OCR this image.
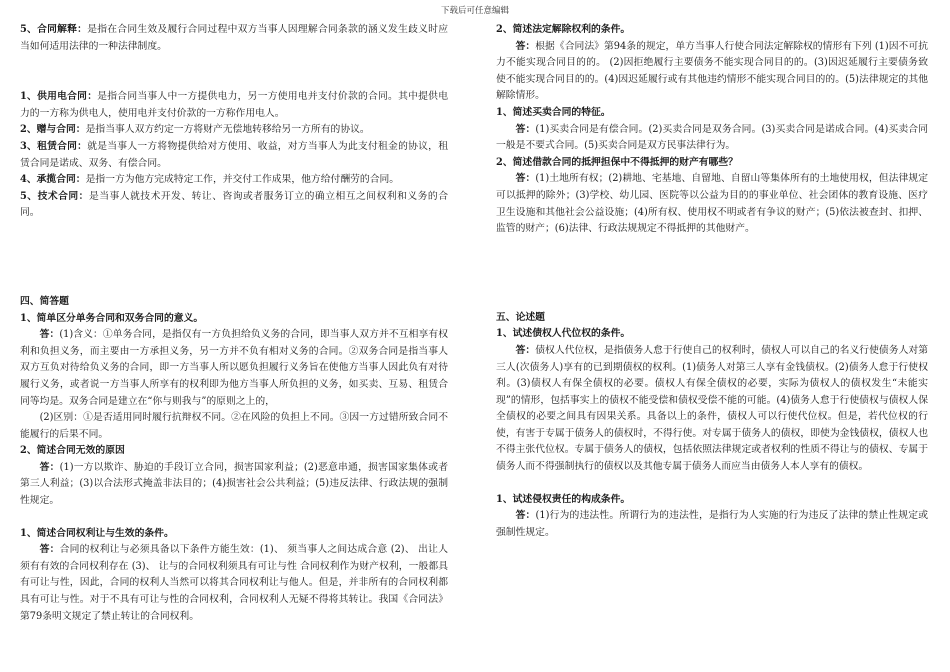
下载后可任意编辑

5、合同解释：是指在合同生效及履行合同过程中双方当事人因理解合同条款的涵义发生歧义时应当如何适用法律的一种法律制度。

1、供用电合同：是指合同当事人中一方提供电力，另一方使用电并支付价款的合同。其中提供电力的一方称为供电人，使用电并支付价款的一方称作用电人。

2、赠与合同：是指当事人双方约定一方将财产无偿地转移给另一方所有的协议。

3、租赁合同：就是当事人一方将物提供给对方使用、收益，对方当事人为此支付租金的协议，租赁合同是诺成、双务、有偿合同。

4、承揽合同：是指一方为他方完成特定工作，并交付工作成果，他方给付酬劳的合同。

5、技术合同：是当事人就技术开发、转让、咨询或者服务订立的确立相互之间权利和义务的合同。

四、简答题

1、简单区分单务合同和双务合同的意义。

答：(1)含义：①单务合同，是指仅有一方负担给负义务的合同，即当事人双方并不互相享有权利和负担义务，而主要由一方承担义务，另一方并不负有相对义务的合同。②双务合同是指当事人双方互负对待给负义务的合同，即一方当事人所以愿负担履行义务旨在使他方当事人因此负有对待履行义务，或者说一方当事人所享有的权利即为他方当事人所负担的义务，如买卖、互易、租赁合同等均是。双务合同是建立在“你与则我与”的原则之上的，

(2)区别：①是否适用同时履行抗辩权不同。②在风险的负担上不同。③因一方过错所致合同不能履行的后果不同。

2、简述合同无效的原因

答：(1)一方以欺诈、胁迫的手段订立合同，损害国家利益；(2)恶意串通，损害国家集体或者第三人利益；(3)以合法形式掩盖非法目的；(4)损害社会公共利益；(5)违反法律、行政法规的强制性规定。

1、简述合同权利让与生效的条件。

答：合同的权利让与必须具备以下条件方能生效：(1)、 须当事人之间达成合意 (2)、 出让人须有有效的合同权利存在 (3)、 让与的合同权利须具有可让与性 合同权利作为财产权利，一般都具有可让与性，因此，合同的权利人当然可以将其合同权利让与他人。但是，并非所有的合同权利都具有可让与性。对于不具有可让与性的合同权利，合同权利人无疑不得将其转让。我国《合同法》第79条明文规定了禁止转让的合同权利。

2、简述法定解除权利的条件。

答：根据《合同法》第94条的规定，单方当事人行使合同法定解除权的情形有下列 (1)因不可抗力不能实现合同目的的。 (2)因拒绝履行主要债务不能实现合同目的的。(3)因迟延履行主要债务致使不能实现合同目的的。(4)因迟延履行或有其他违约情形不能实现合同目的的。(5)法律规定的其他解除情形。

1、简述买卖合同的特征。

答：(1)买卖合同是有偿合同。(2)买卖合同是双务合同。(3)买卖合同是诺成合同。(4)买卖合同一般是不要式合同。(5)买卖合同是双方民事法律行为。

2、简述借款合同的抵押担保中不得抵押的财产有哪些？

答：(1)土地所有权；(2)耕地、宅基地、自留地、自留山等集体所有的土地使用权，但法律规定可以抵押的除外；(3)学校、幼儿园、医院等以公益为目的的事业单位、社会团体的教育设施、医疗卫生设施和其他社会公益设施；(4)所有权、使用权不明或者有争议的财产；(5)依法被查封、扣押、监管的财产；(6)法律、行政法规规定不得抵押的其他财产。

五、论述题

1、试述债权人代位权的条件。

答：债权人代位权，是指债务人怠于行使自己的权利时，债权人可以自己的名义行使债务人对第三人(次债务人)享有的已到期债权的权利。(1)债务人对第三人享有金钱债权。(2)债务人怠于行使权利。(3)债权人有保全债权的必要。债权人有保全债权的必要，实际为债权人的债权发生“未能实现”的情形，包括事实上的债权不能受偿和债权受偿不能的可能。(4)债务人怠于行使债权与债权人保全债权的必要之间具有因果关系。具备以上的条件，债权人可以行使代位权。但是，若代位权的行使，有害于专属于债务人的债权时，不得行使。对专属于债务人的债权，即使为金钱债权，债权人也不得主张代位权。专属于债务人的债权，包括依照法律规定或者权利的性质不得让与的债权、专属于债务人而不得强制执行的债权以及其他专属于债务人而应当由债务人本人享有的债权。

1、试述侵权责任的构成条件。

答：(1)行为的违法性。所谓行为的违法性，是指行为人实施的行为违反了法律的禁止性规定或强制性规定。
